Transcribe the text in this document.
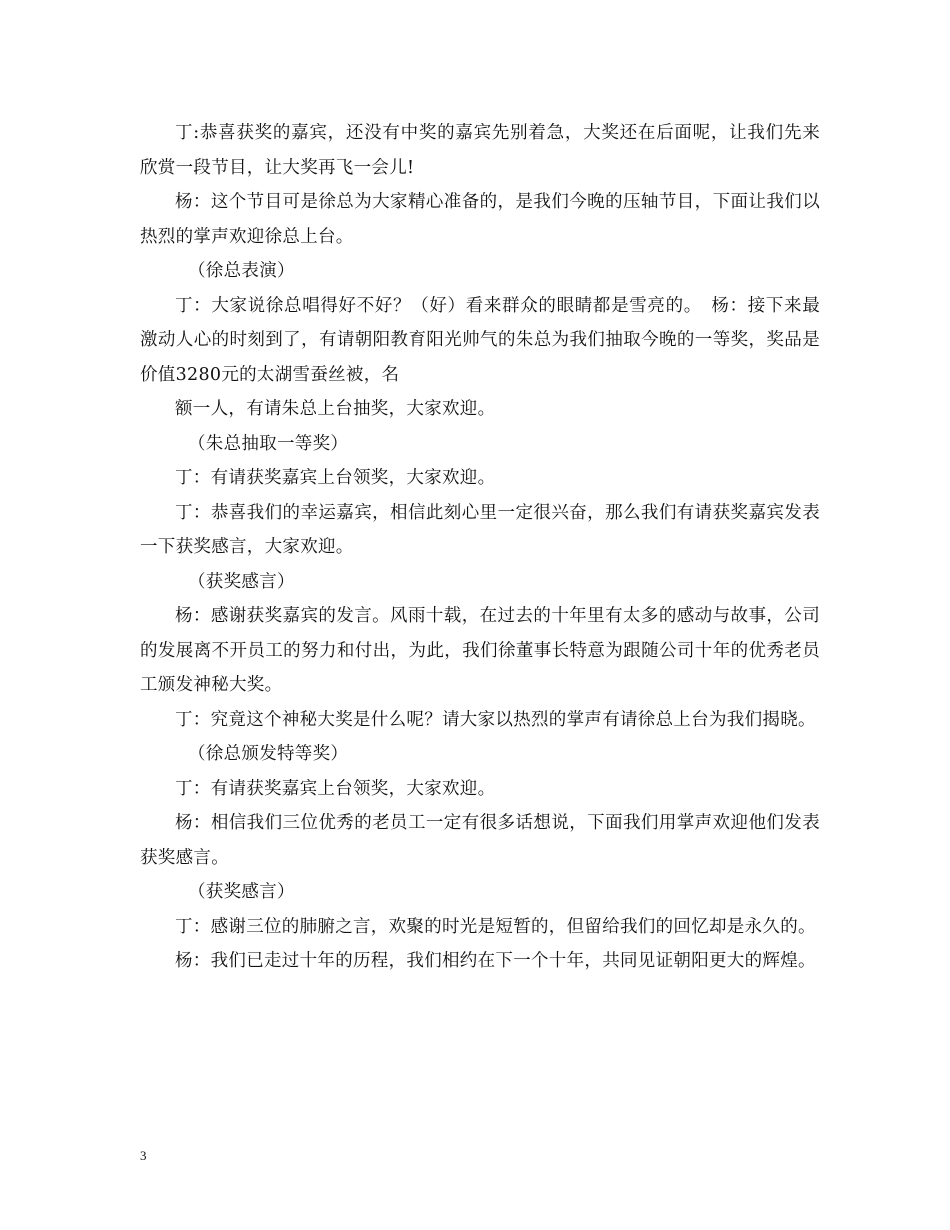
丁:恭喜获奖的嘉宾，还没有中奖的嘉宾先别着急，大奖还在后面呢，让我们先来欣赏一段节目，让大奖再飞一会儿!

杨：这个节目可是徐总为大家精心准备的，是我们今晚的压轴节目，下面让我们以热烈的掌声欢迎徐总上台。

（徐总表演）

丁：大家说徐总唱得好不好？（好）看来群众的眼睛都是雪亮的。　杨：接下来最激动人心的时刻到了，有请朝阳教育阳光帅气的朱总为我们抽取今晚的一等奖，奖品是价值3280元的太湖雪蚕丝被，名

额一人，有请朱总上台抽奖，大家欢迎。

（朱总抽取一等奖）

丁：有请获奖嘉宾上台领奖，大家欢迎。

丁：恭喜我们的幸运嘉宾，相信此刻心里一定很兴奋，那么我们有请获奖嘉宾发表一下获奖感言，大家欢迎。

（获奖感言）

杨：感谢获奖嘉宾的发言。风雨十载，在过去的十年里有太多的感动与故事，公司的发展离不开员工的努力和付出，为此，我们徐董事长特意为跟随公司十年的优秀老员工颁发神秘大奖。

丁：究竟这个神秘大奖是什么呢？请大家以热烈的掌声有请徐总上台为我们揭晓。

（徐总颁发特等奖）

丁：有请获奖嘉宾上台领奖，大家欢迎。

杨：相信我们三位优秀的老员工一定有很多话想说，下面我们用掌声欢迎他们发表获奖感言。

（获奖感言）

丁：感谢三位的肺腑之言，欢聚的时光是短暂的，但留给我们的回忆却是永久的。

杨：我们已走过十年的历程，我们相约在下一个十年，共同见证朝阳更大的辉煌。

3
